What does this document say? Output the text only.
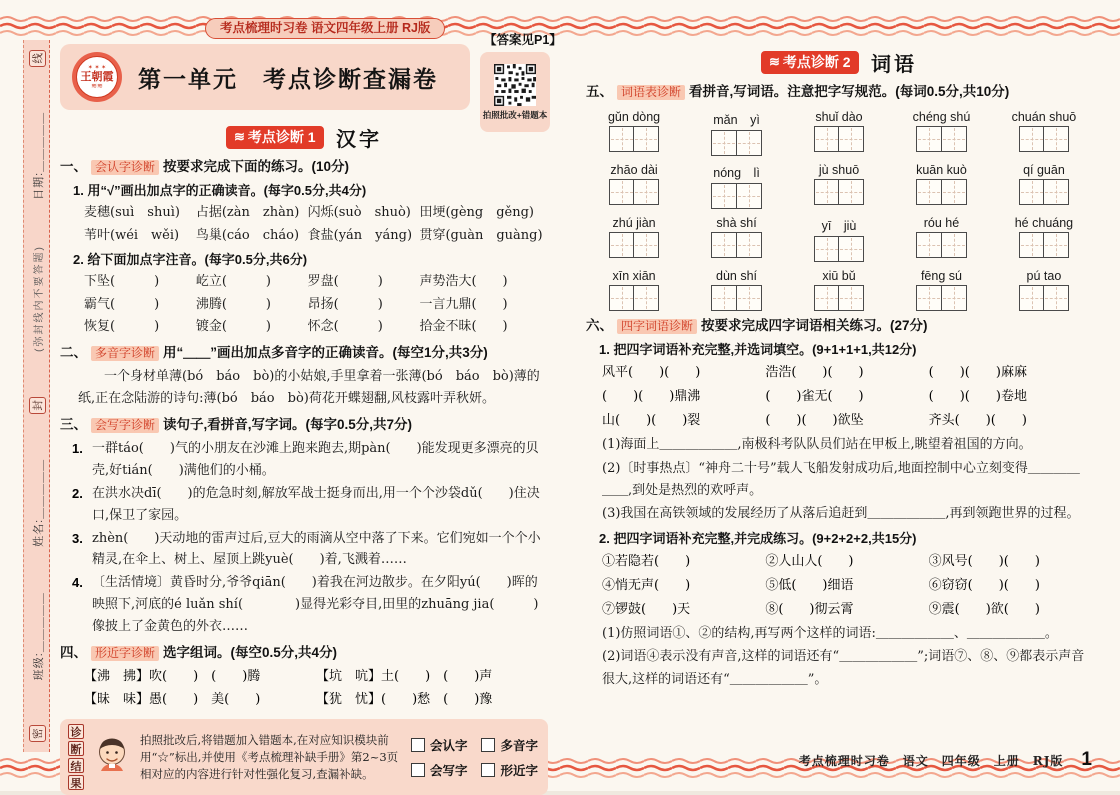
考点梳理时习卷 语文四年级上册 RJ版
【答案见P1】
密
班级:＿＿＿＿＿
姓名:＿＿＿＿＿
封
(弥封线内不要答题)
日期:＿＿＿＿＿
线
✶ ✶ ✶
王朝霞
≋≋ 第一单元　考点诊断查漏卷
拍照批改+错题本
≋ 考点诊断 1 汉字
一、 会认字诊断 按要求完成下面的练习。(10分)
1. 用“√”画出加点字的正确读音。(每字0.5分,共4分)
麦穗(suì　shuì)	占据(zàn　zhàn) 闪烁(suò　shuò) 田埂(gèng　gěng)
苇叶(wéi　wěi)	鸟巢(cáo　cháo) 食盐(yán　yáng) 贯穿(guàn　guàng)
2. 给下面加点字注音。(每字0.5分,共6分)
下坠(　　　)	屹立(　　　)	罗盘(　　　)	声势浩大(　　)
霸气(　　　)	沸腾(　　　)	昂扬(　　　)	一言九鼎(　　)
恢复(　　　)	镀金(　　　)	怀念(　　　)	拾金不昧(　　)
二、 多音字诊断 用“＿＿”画出加点多音字的正确读音。(每空1分,共3分)
一个身材单薄(bó　báo　bò)的小姑娘,手里拿着一张薄(bó　báo　bò)薄的纸,正在念陆游的诗句:薄(bó　báo　bò)荷花开蝶翅翻,风枝露叶弄秋妍。
三、 会写字诊断 读句子,看拼音,写字词。(每字0.5分,共7分)
1. 一群táo(　　)气的小朋友在沙滩上跑来跑去,期pàn(　　)能发现更多漂亮的贝壳,好tián(　　)满他们的小桶。
2. 在洪水决dī(　　)的危急时刻,解放军战士挺身而出,用一个个沙袋dǔ(　　)住决口,保卫了家园。
3. zhèn(　　)天动地的雷声过后,豆大的雨滴从空中落了下来。它们宛如一个个小精灵,在伞上、树上、屋顶上跳yuè(　　)着,飞溅着……
4. 〔生活情境〕黄昏时分,爷爷qiān(　　)着我在河边散步。在夕阳yú(　　)晖的映照下,河底的é luǎn shí(　　　　)显得光彩夺目,田里的zhuāng jia(　　　)像披上了金黄色的外衣……
四、 形近字诊断 选字组词。(每空0.5分,共4分)
【沸　拂】吹(　　)　(　　)腾	【坑　吭】土(　　)　(　　)声
【昧　味】愚(　　)　美(　　)	【犹　忧】(　　)愁　(　　)豫
诊
断
结
果
拍照批改后,将错题加入错题本,在对应知识模块前用“☆”标出,并使用《考点梳理补缺手册》第2~3页相对应的内容进行针对性强化复习,查漏补缺。
会认字	多音字
会写字	形近字
≋ 考点诊断 2 词语
五、 词语表诊断 看拼音,写词语。注意把字写规范。(每词0.5分,共10分)
gǔn dòng	mǎn　yì	shuǐ dào	chéng shú	chuán shuō
zhāo dài	nóng　lì	jù shuō	kuān kuò	qí guān
zhú jiàn	shà shí	yī　jiù	róu hé	hé chuáng
xīn xiān	dùn shí	xiū bǔ	fēng sú	pú tao
六、 四字词语诊断 按要求完成四字词语相关练习。(27分)
1. 把四字词语补充完整,并选词填空。(9+1+1+1,共12分)
风平(　　)(　　)	浩浩(　　)(　　)	(　　)(　　)麻麻
(　　)(　　)鼎沸	(　　)雀无(　　)	(　　)(　　)卷地
山(　　)(　　)裂	(　　)(　　)欲坠	齐头(　　)(　　)
(1)海面上＿＿＿＿＿＿,南极科考队队员们站在甲板上,眺望着祖国的方向。
(2)〔时事热点〕“神舟二十号”载人飞船发射成功后,地面控制中心立刻变得＿＿＿＿＿＿,到处是热烈的欢呼声。
(3)我国在高铁领域的发展经历了从落后追赶到＿＿＿＿＿＿,再到领跑世界的过程。
2. 把四字词语补充完整,并完成练习。(9+2+2+2,共15分)
①若隐若(　　)	②人山人(　　)	③风号(　　)(　　)
④悄无声(　　)	⑤低(　　)细语	⑥窃窃(　　)(　　)
⑦锣鼓(　　)天	⑧(　　)彻云霄	⑨震(　　)欲(　　)
(1)仿照词语①、②的结构,再写两个这样的词语:＿＿＿＿＿＿、＿＿＿＿＿＿。
(2)词语④表示没有声音,这样的词语还有“＿＿＿＿＿＿”;词语⑦、⑧、⑨都表示声音很大,这样的词语还有“＿＿＿＿＿＿”。
考点梳理时习卷　语文　四年级　上册　RJ版 1
